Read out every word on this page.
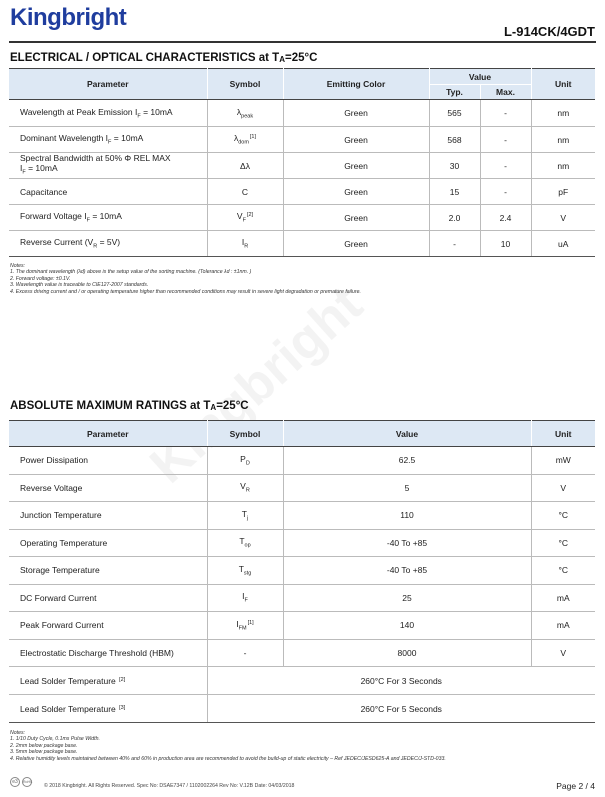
Kingbright
L-914CK/4GDT
ELECTRICAL / OPTICAL CHARACTERISTICS at $T_A=25^\circ C$
Parameter	Symbol	Emitting Color	Value		Unit
			Typ.	Max.	
Wavelength at Peak Emission $I_F = 10mA$	$\lambda_{peak}$	Green	565	-	nm
Dominant Wavelength $I_F = 10mA$	$\lambda_{dom}[1]$	Green	568	-	nm
Spectral Bandwidth at 50% Φ REL MAX
$I_F = 10mA$	Δλ	Green	30	-	nm
Capacitance	C	Green	15	-	pF
Forward Voltage $I_F = 10mA$	$V_F[2]$	Green	2.0	2.4	V
Reverse Current $(V_R = 5V)$	$I_R$	Green	-	10	uA
Notes:
1. The dominant wavelength (λd) above is the setup value of the sorting machine. (Tolerance λd : ±1nm. )
2. Forward voltage: ±0.1V.
3. Wavelength value is traceable to CIE127-2007 standards.
4. Excess driving current and / or operating temperature higher than recommended conditions may result in severe light degradation or premature failure.
ABSOLUTE MAXIMUM RATINGS at $T_A=25^\circ C$
Parameter	Symbol	Value	Unit
Power Dissipation	$P_D$	62.5	mW
Reverse Voltage	$V_R$	5	V
Junction Temperature	$T_j$	110	°C
Operating Temperature	$T_{op}$	-40 To +85	°C
Storage Temperature	$T_{stg}$	-40 To +85	°C
DC Forward Current	$I_F$	25	mA
Peak Forward Current	$I_{FM}[1]$	140	mA
Electrostatic Discharge Threshold (HBM)	-	8000	V
Lead Solder Temperature [2]	260°C For 3 Seconds		
Lead Solder Temperature [3]	260°C For 5 Seconds		
Notes:
1. 1/10 Duty Cycle, 0.1ms Pulse Width.
2. 2mm below package base.
3. 5mm below package base.
4. Relative humidity levels maintained between 40% and 60% in production area are recommended to avoid the build-up of static electricity – Ref JEDEC/JESD625-A and JEDEC/J-STD-033.
e3	RoHS
© 2018 Kingbright. All Rights Reserved. Spec No: DSAE7347 / 1102002264 Rev No: V.12B Date: 04/03/2018	Page 2 / 4
